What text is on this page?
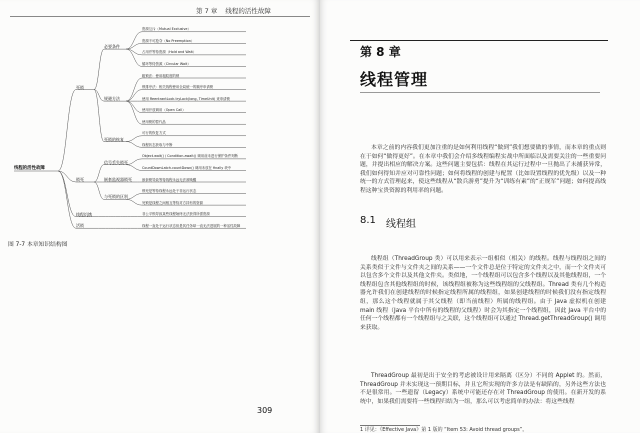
第 7 章 线程的活性故障
线程的活性故障
资源互斥（Mutual Exclusive）
资源不可抢夺（No Preemption）
占用并等待资源（Hold and Wait）
循环等待资源（Circular Wait）
必要条件
粗锁法：使用粗粒度的锁
锁排序法：相关线程使用全局统一的顺序申请锁
使用 ReentrantLock.tryLock(long, TimeUnit) 来申请锁
使用开放调用（Open Call）
使用锁的替代品
规避方法
可行的恢复方式
线程状态获取与中断
死锁的恢复
死锁
Object.wait() / Condition.await() 调用前未进行保护条件判断
CountDownLatch.countDown() 调用未放在 finally 块中
信号丢失锁死
嵌套锁导致等待线程永远无法被唤醒
嵌套监视器锁死
锁死是等待线程永远处于非运行状态
死锁是线程之间相互等待对方持有的资源
与死锁的区别
锁死
非公平锁导致某些线程始终无法获得所需资源
线程饥饿
线程一直处于运行状态但是其任务却一直无法进展的一种活性故障
活锁
图 7-7 本章知识结构图
309
第 8 章
线程管理

本章之前的内容我们更加注重的是如何利用线程“做到”我们想要做的事情，而本章的重点则在于如何“做得更好”。在本章中我们会介绍多线程编程实战中所面临以及需要关注的一些重要问题，并提出相应的解决方案。这些问题主要包括：线程在其运行过程中一旦抛出了未捕获异常，我们如何得知并应对可靠性问题；如何将线程的创建与配置（比如设置线程的优先级）以及一种统一的方式管理起来，使这些线程从“散兵游勇”提升为“训练有素”的“正规军”问题；如何提高线程这种宝贵资源的利用率的问题。

8.1 线程组

线程组（ThreadGroup 类）可以用来表示一组相似（相关）的线程。线程与线程组之间的关系类似于文件与文件夹之间的关系——一个文件总是位于特定的文件夹之中，而一个文件夹可以包含多个文件以及其他文件夹。类似地，一个线程组可以包含多个线程以及其他线程组，一个线程组包含其他线程组的时候，该线程组被称为这些线程组的父线程组。Thread 类有几个构造器允许我们在创建线程的时候指定线程所属的线程组，如果创建线程的时候我们没有指定线程组，那么这个线程就属于其父线程（即当前线程）所属的线程组。由于 Java 虚拟机在创建 main 线程（Java 平台中所有的线程的父线程）时会为其指定一个线程组，因此 Java 平台中的任何一个线程都有一个线程组与之关联，这个线程组可以通过 Thread.getThreadGroup() 调用来获取。

ThreadGroup 最初是出于安全的考虑被设计用来隔离（区分）不同的 Applet 的。然而，ThreadGroup 并未实现这一预期目标，并且它所实现的许多方法是有缺陷的，另外这些方法也不是很常用。一些遗留（Legacy）系统中可能还存在对 ThreadGroup 的使用。在新开发的系统中，如果我们需要将一些线程归结为一组，那么可以考虑简单的办法：将这些线程

1 详见：《Effective Java》第 1 版的 “Item 53: Avoid thread groups”。
